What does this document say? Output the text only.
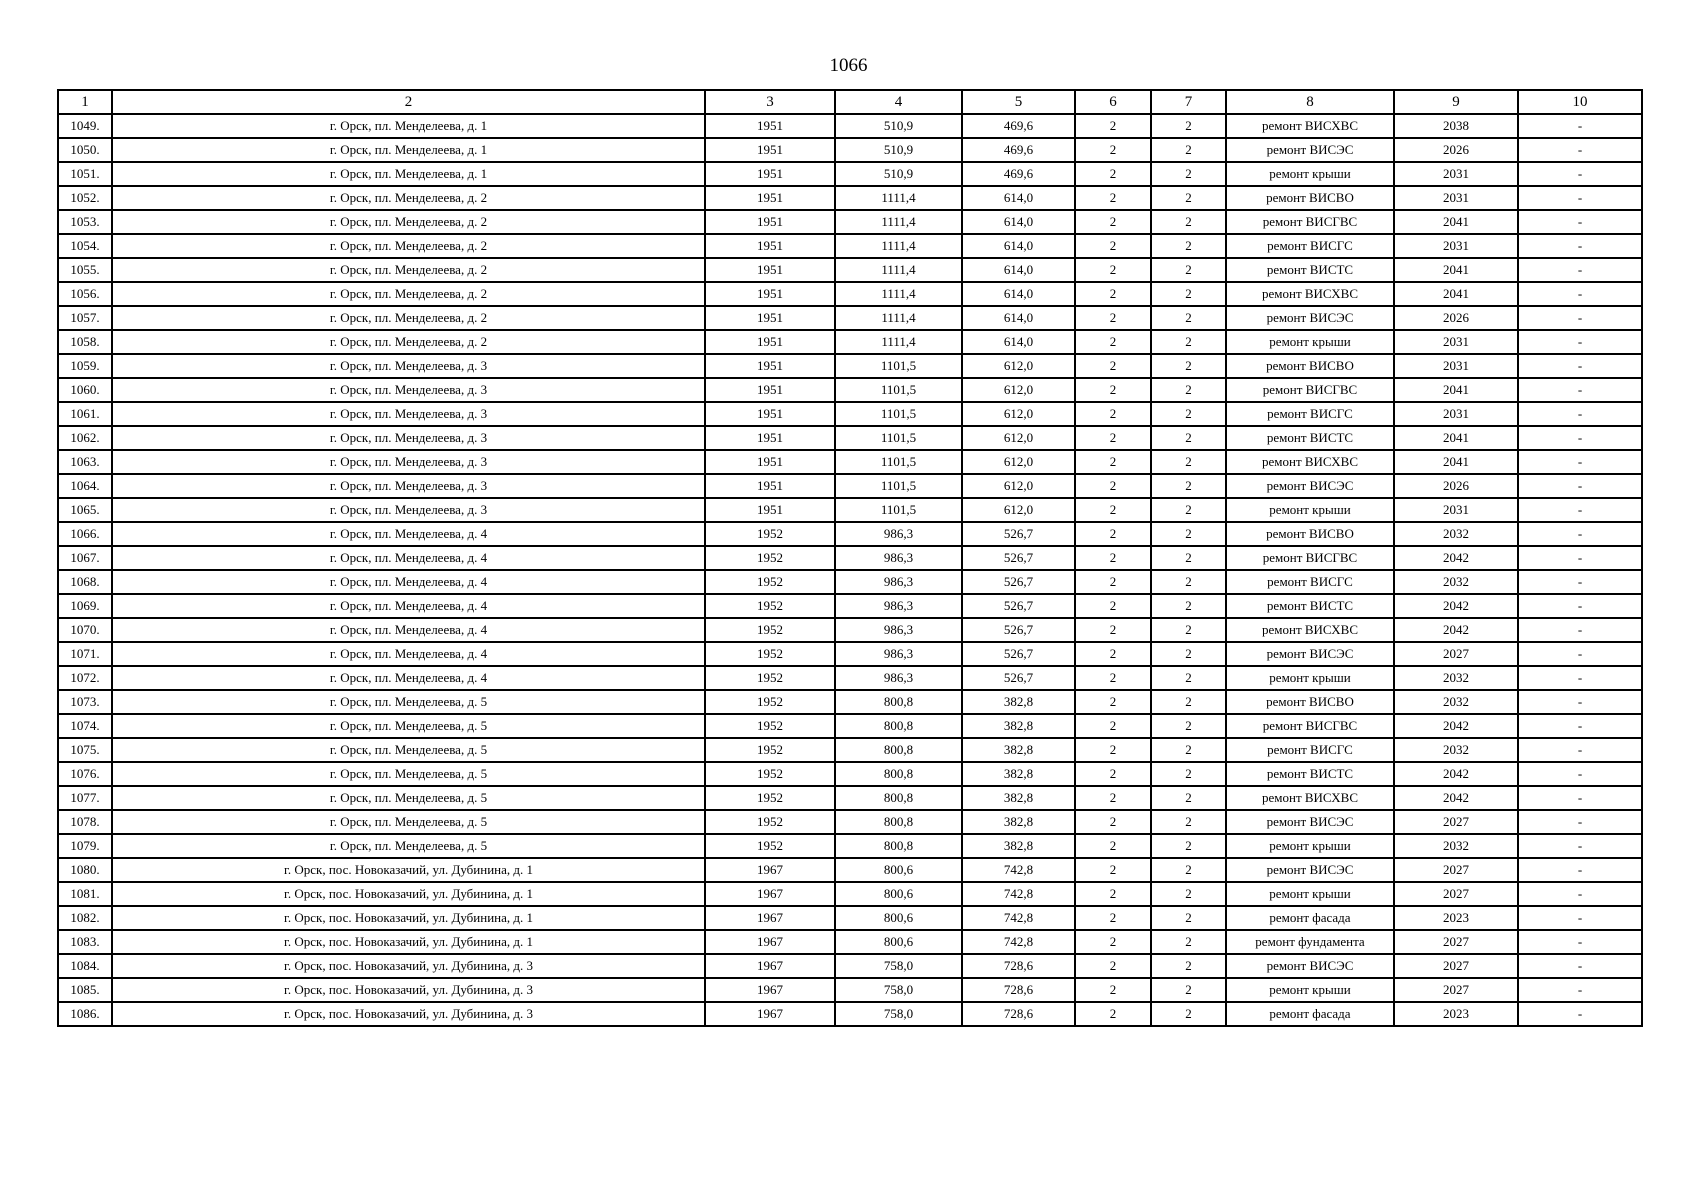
1066
1	2	3	4	5	6	7	8	9	10
1049.	г. Орск, пл. Менделеева, д. 1	1951	510,9	469,6	2	2	ремонт ВИСХВС	2038	-
1050.	г. Орск, пл. Менделеева, д. 1	1951	510,9	469,6	2	2	ремонт ВИСЭС	2026	-
1051.	г. Орск, пл. Менделеева, д. 1	1951	510,9	469,6	2	2	ремонт крыши	2031	-
1052.	г. Орск, пл. Менделеева, д. 2	1951	1111,4	614,0	2	2	ремонт ВИСВО	2031	-
1053.	г. Орск, пл. Менделеева, д. 2	1951	1111,4	614,0	2	2	ремонт ВИСГВС	2041	-
1054.	г. Орск, пл. Менделеева, д. 2	1951	1111,4	614,0	2	2	ремонт ВИСГС	2031	-
1055.	г. Орск, пл. Менделеева, д. 2	1951	1111,4	614,0	2	2	ремонт ВИСТС	2041	-
1056.	г. Орск, пл. Менделеева, д. 2	1951	1111,4	614,0	2	2	ремонт ВИСХВС	2041	-
1057.	г. Орск, пл. Менделеева, д. 2	1951	1111,4	614,0	2	2	ремонт ВИСЭС	2026	-
1058.	г. Орск, пл. Менделеева, д. 2	1951	1111,4	614,0	2	2	ремонт крыши	2031	-
1059.	г. Орск, пл. Менделеева, д. 3	1951	1101,5	612,0	2	2	ремонт ВИСВО	2031	-
1060.	г. Орск, пл. Менделеева, д. 3	1951	1101,5	612,0	2	2	ремонт ВИСГВС	2041	-
1061.	г. Орск, пл. Менделеева, д. 3	1951	1101,5	612,0	2	2	ремонт ВИСГС	2031	-
1062.	г. Орск, пл. Менделеева, д. 3	1951	1101,5	612,0	2	2	ремонт ВИСТС	2041	-
1063.	г. Орск, пл. Менделеева, д. 3	1951	1101,5	612,0	2	2	ремонт ВИСХВС	2041	-
1064.	г. Орск, пл. Менделеева, д. 3	1951	1101,5	612,0	2	2	ремонт ВИСЭС	2026	-
1065.	г. Орск, пл. Менделеева, д. 3	1951	1101,5	612,0	2	2	ремонт крыши	2031	-
1066.	г. Орск, пл. Менделеева, д. 4	1952	986,3	526,7	2	2	ремонт ВИСВО	2032	-
1067.	г. Орск, пл. Менделеева, д. 4	1952	986,3	526,7	2	2	ремонт ВИСГВС	2042	-
1068.	г. Орск, пл. Менделеева, д. 4	1952	986,3	526,7	2	2	ремонт ВИСГС	2032	-
1069.	г. Орск, пл. Менделеева, д. 4	1952	986,3	526,7	2	2	ремонт ВИСТС	2042	-
1070.	г. Орск, пл. Менделеева, д. 4	1952	986,3	526,7	2	2	ремонт ВИСХВС	2042	-
1071.	г. Орск, пл. Менделеева, д. 4	1952	986,3	526,7	2	2	ремонт ВИСЭС	2027	-
1072.	г. Орск, пл. Менделеева, д. 4	1952	986,3	526,7	2	2	ремонт крыши	2032	-
1073.	г. Орск, пл. Менделеева, д. 5	1952	800,8	382,8	2	2	ремонт ВИСВО	2032	-
1074.	г. Орск, пл. Менделеева, д. 5	1952	800,8	382,8	2	2	ремонт ВИСГВС	2042	-
1075.	г. Орск, пл. Менделеева, д. 5	1952	800,8	382,8	2	2	ремонт ВИСГС	2032	-
1076.	г. Орск, пл. Менделеева, д. 5	1952	800,8	382,8	2	2	ремонт ВИСТС	2042	-
1077.	г. Орск, пл. Менделеева, д. 5	1952	800,8	382,8	2	2	ремонт ВИСХВС	2042	-
1078.	г. Орск, пл. Менделеева, д. 5	1952	800,8	382,8	2	2	ремонт ВИСЭС	2027	-
1079.	г. Орск, пл. Менделеева, д. 5	1952	800,8	382,8	2	2	ремонт крыши	2032	-
1080.	г. Орск, пос. Новоказачий, ул. Дубинина, д. 1	1967	800,6	742,8	2	2	ремонт ВИСЭС	2027	-
1081.	г. Орск, пос. Новоказачий, ул. Дубинина, д. 1	1967	800,6	742,8	2	2	ремонт крыши	2027	-
1082.	г. Орск, пос. Новоказачий, ул. Дубинина, д. 1	1967	800,6	742,8	2	2	ремонт фасада	2023	-
1083.	г. Орск, пос. Новоказачий, ул. Дубинина, д. 1	1967	800,6	742,8	2	2	ремонт фундамента	2027	-
1084.	г. Орск, пос. Новоказачий, ул. Дубинина, д. 3	1967	758,0	728,6	2	2	ремонт ВИСЭС	2027	-
1085.	г. Орск, пос. Новоказачий, ул. Дубинина, д. 3	1967	758,0	728,6	2	2	ремонт крыши	2027	-
1086.	г. Орск, пос. Новоказачий, ул. Дубинина, д. 3	1967	758,0	728,6	2	2	ремонт фасада	2023	-
